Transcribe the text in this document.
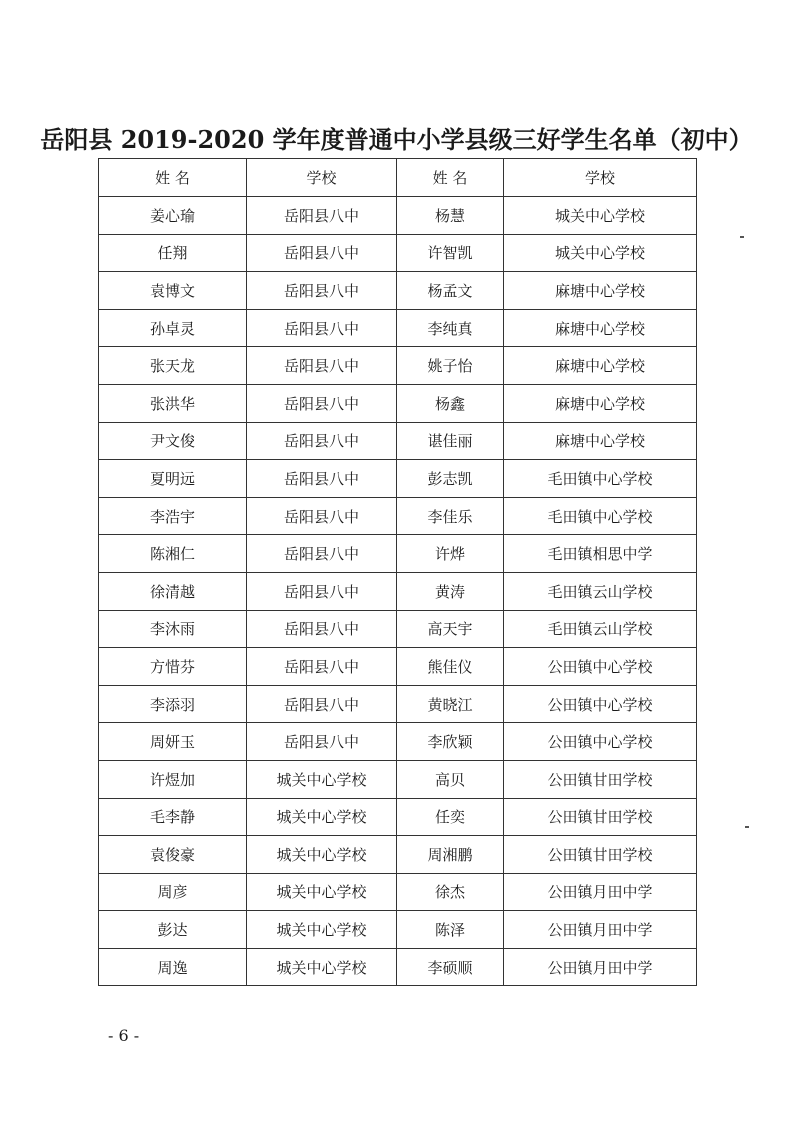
岳阳县 2019-2020 学年度普通中小学县级三好学生名单（初中）
姓 名	学校	姓 名	学校
姜心瑜	岳阳县八中	杨慧	城关中心学校
任翔	岳阳县八中	许智凯	城关中心学校
袁博文	岳阳县八中	杨孟文	麻塘中心学校
孙卓灵	岳阳县八中	李纯真	麻塘中心学校
张天龙	岳阳县八中	姚子怡	麻塘中心学校
张洪华	岳阳县八中	杨鑫	麻塘中心学校
尹文俊	岳阳县八中	谌佳丽	麻塘中心学校
夏明远	岳阳县八中	彭志凯	毛田镇中心学校
李浩宇	岳阳县八中	李佳乐	毛田镇中心学校
陈湘仁	岳阳县八中	许烨	毛田镇相思中学
徐清越	岳阳县八中	黄涛	毛田镇云山学校
李沐雨	岳阳县八中	高天宇	毛田镇云山学校
方惜芬	岳阳县八中	熊佳仪	公田镇中心学校
李添羽	岳阳县八中	黄晓江	公田镇中心学校
周妍玉	岳阳县八中	李欣颖	公田镇中心学校
许煜加	城关中心学校	高贝	公田镇甘田学校
毛李静	城关中心学校	任奕	公田镇甘田学校
袁俊豪	城关中心学校	周湘鹏	公田镇甘田学校
周彦	城关中心学校	徐杰	公田镇月田中学
彭达	城关中心学校	陈泽	公田镇月田中学
周逸	城关中心学校	李硕顺	公田镇月田中学
- 6 -
